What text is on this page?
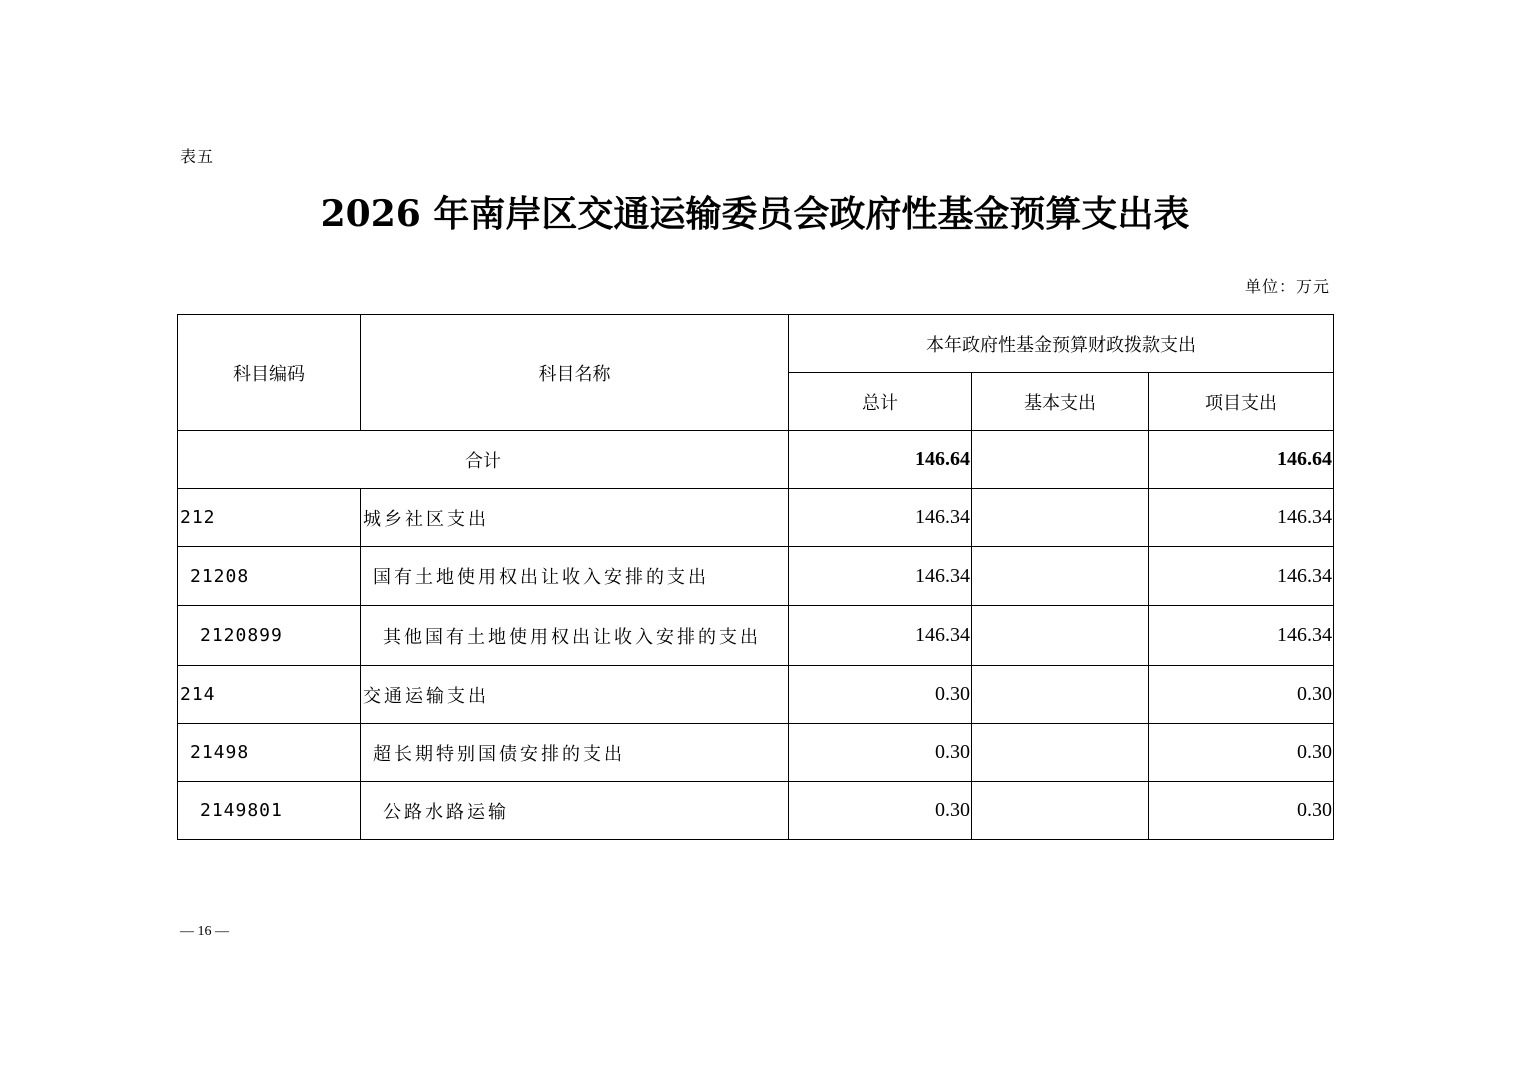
表五
2026 年南岸区交通运输委员会政府性基金预算支出表
单位：万元
科目编码	科目名称	本年政府性基金预算财政拨款支出		
		总计	基本支出	项目支出
合计		146.64		146.64
212	城乡社区支出	146.34		146.34
21208	国有土地使用权出让收入安排的支出	146.34		146.34
2120899	其他国有土地使用权出让收入安排的支出	146.34		146.34
214	交通运输支出	0.30		0.30
21498	超长期特别国债安排的支出	0.30		0.30
2149801	公路水路运输	0.30		0.30
— 16 —
